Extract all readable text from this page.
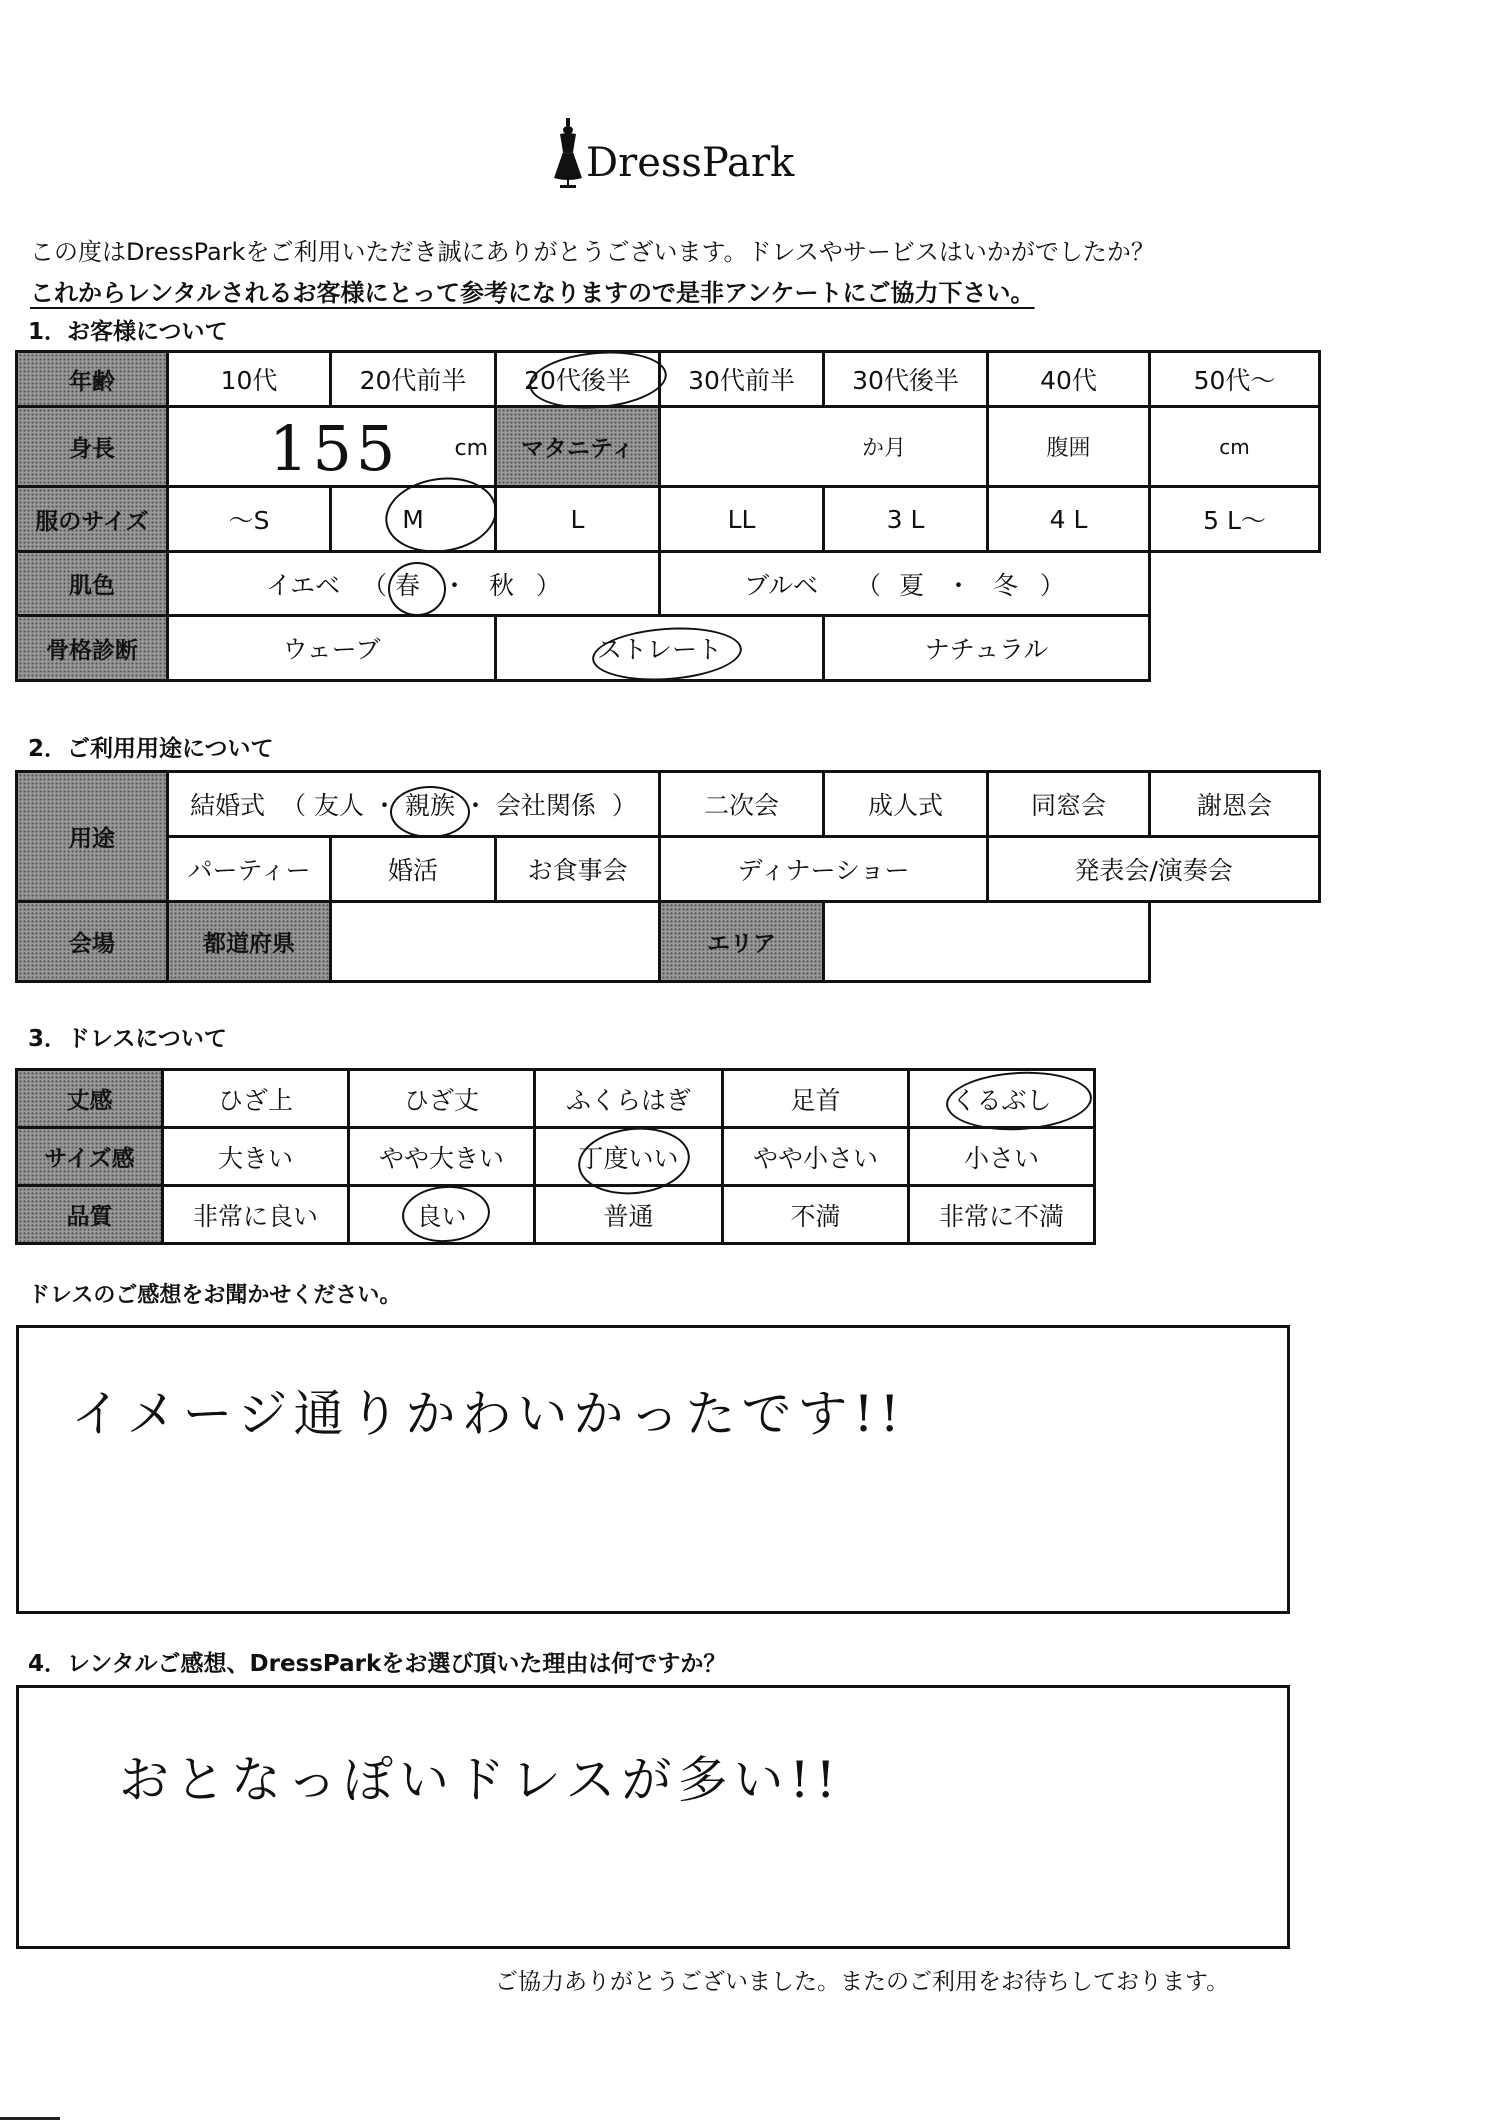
DressPark
この度はDressParkをご利用いただき誠にありがとうございます。ドレスやサービスはいかがでしたか？
これからレンタルされるお客様にとって参考になりますので是非アンケートにご協力下さい。
1．お客様について
年齢	10代	20代前半	20代後半	30代前半	30代後半	40代	50代～
身長	155 cm		マタニティ	か月		腹囲	cm
服のサイズ	～S	M	L	LL	3 L	4 L	5 L～
肌色	イエベ （ 春 ・ 秋 ）			ブルベ （ 夏 ・ 冬 ）			
骨格診断	ウェーブ		ストレート		ナチュラル		
2．ご利用用途について
用途	結婚式 （ 友人 ・ 親族 ・ 会社関係 ）			二次会	成人式	同窓会	謝恩会
	パーティー	婚活	お食事会	ディナーショー		発表会/演奏会	
会場	都道府県			エリア			
3．ドレスについて
丈感	ひざ上	ひざ丈	ふくらはぎ	足首	くるぶし
サイズ感	大きい	やや大きい	丁度いい	やや小さい	小さい
品質	非常に良い	良い	普通	不満	非常に不満
ドレスのご感想をお聞かせください。
イメージ通りかわいかったです!!
4．レンタルご感想、DressParkをお選び頂いた理由は何ですか？
おとなっぽいドレスが多い!!
ご協力ありがとうございました。またのご利用をお待ちしております。
